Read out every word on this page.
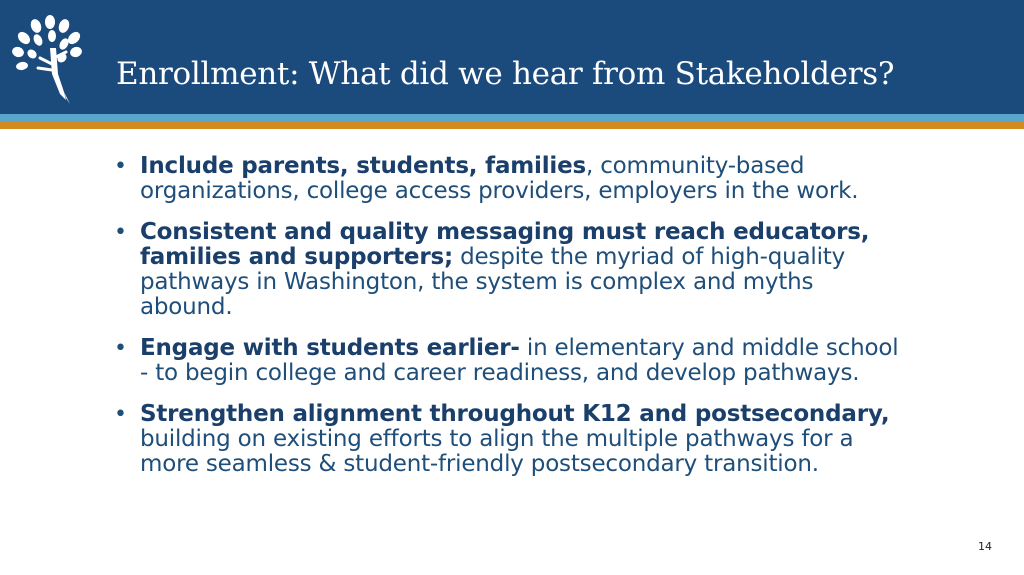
Enrollment: What did we hear from Stakeholders?
• Include parents, students, families, community-based organizations, college access providers, employers in the work.
• Consistent and quality messaging must reach educators, families and supporters; despite the myriad of high-quality pathways in Washington, the system is complex and myths abound.
• Engage with students earlier- in elementary and middle school - to begin college and career readiness, and develop pathways.
• Strengthen alignment throughout K12 and postsecondary, building on existing efforts to align the multiple pathways for a more seamless & student-friendly postsecondary transition.
14
